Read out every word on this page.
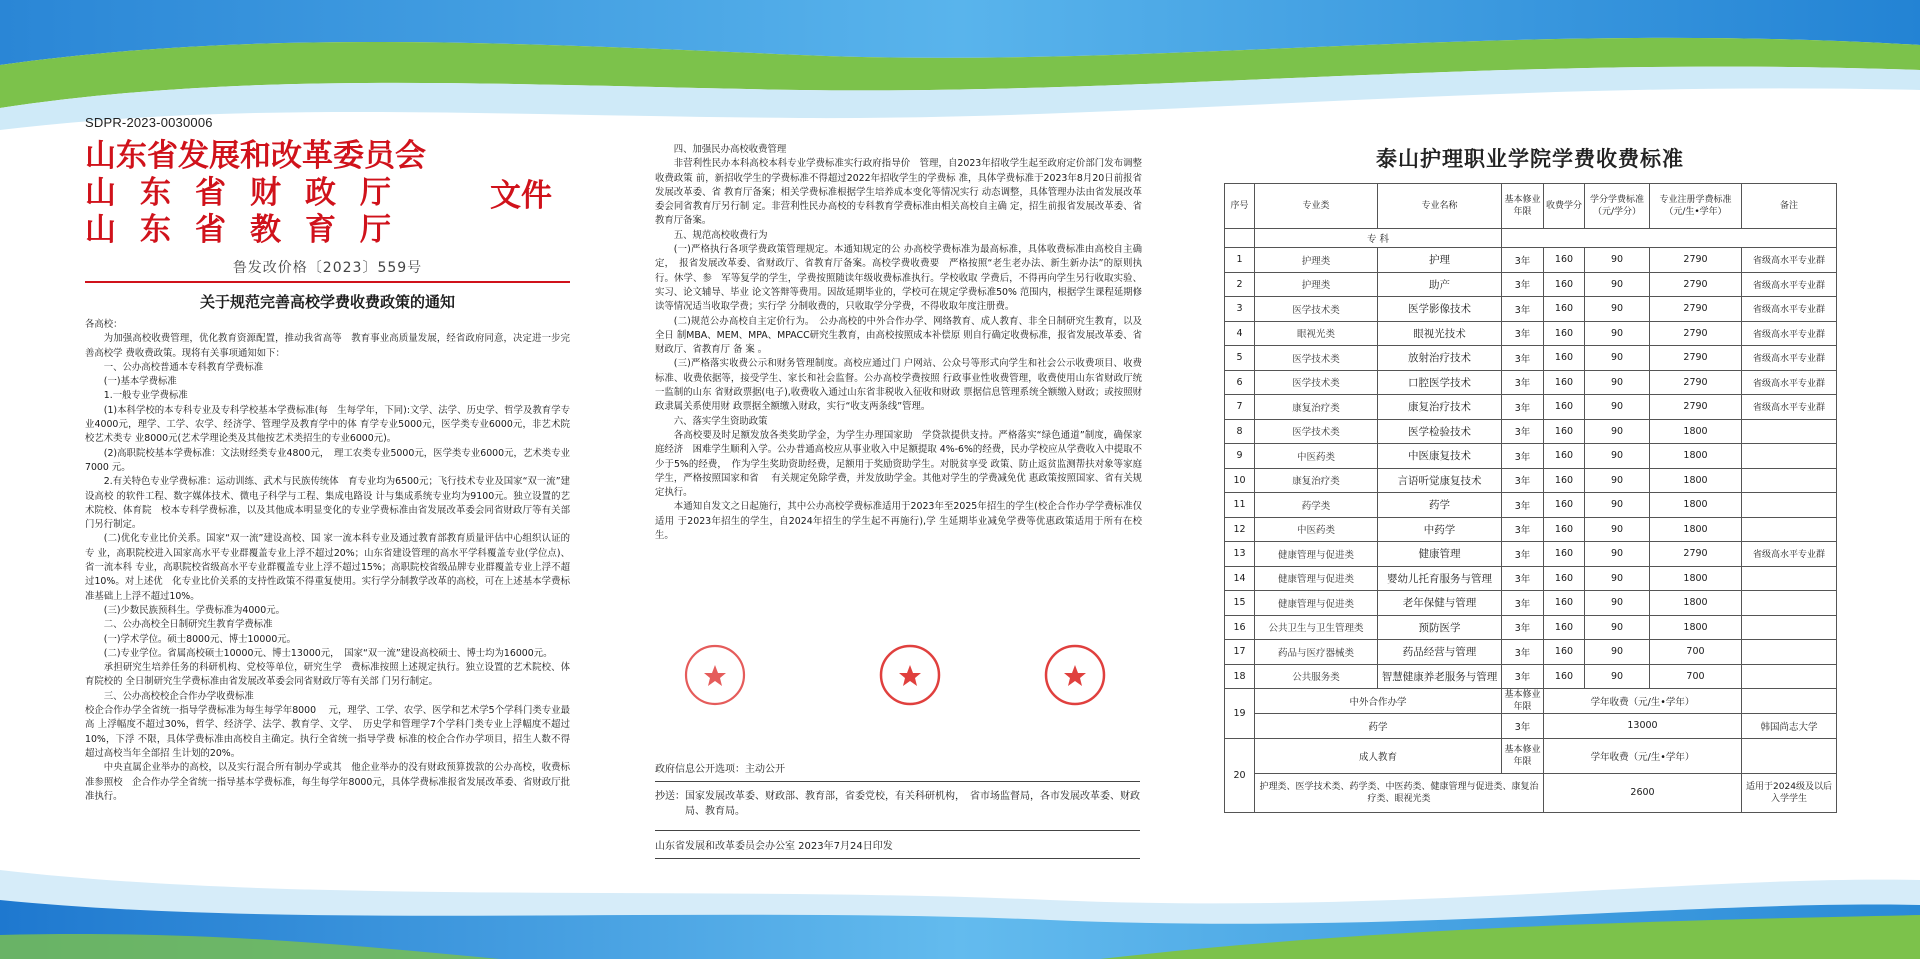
SDPR-2023-0030006
山东省发展和改革委员会
山东省财政厅
山东省教育厅
文件
鲁发改价格〔2023〕559号
关于规范完善高校学费收费政策的通知

各高校：

为加强高校收费管理，优化教育资源配置，推动我省高等　教育事业高质量发展，经省政府同意，决定进一步完善高校学 费收费政策。现将有关事项通知如下：

一、公办高校普通本专科教育学费标准

(一)基本学费标准

1.一般专业学费标准

(1)本科学校的本专科专业及专科学校基本学费标准(每　生每学年，下同):文学、法学、历史学、哲学及教育学专业4000元，理学、工学、农学、经济学、管理学及教育学中的体 育学专业5000元，医学类专业6000元，非艺术院校艺术类专 业8000元(艺术学理论类及其他按艺术类招生的专业6000元)。

(2)高职院校基本学费标准：文法财经类专业4800元，　理工农类专业5000元，医学类专业6000元，艺术类专业7000 元。

2.有关特色专业学费标准：运动训练、武术与民族传统体　育专业均为6500元；飞行技术专业及国家“双一流”建设高校 的软件工程、数字媒体技术、微电子科学与工程、集成电路设 计与集成系统专业均为9100元。独立设置的艺术院校、体育院　校本专科学费标准，以及其他成本明显变化的专业学费标准由省发展改革委会同省财政厅等有关部门另行制定。

(二)优化专业比价关系。国家“双一流”建设高校、国 家一流本科专业及通过教育部教育质量评估中心组织认证的专 业，高职院校进入国家高水平专业群覆盖专业上浮不超过20%；山东省建设管理的高水平学科覆盖专业(学位点)、省一流本科 专业，高职院校省级高水平专业群覆盖专业上浮不超过15%；高职院校省级品牌专业群覆盖专业上浮不超过10%。对上述优　化专业比价关系的支持性政策不得重复使用。实行学分制教学改革的高校，可在上述基本学费标准基础上上浮不超过10%。

(三)少数民族预科生。学费标准为4000元。

二、公办高校全日制研究生教育学费标准

(一)学术学位。硕士8000元、博士10000元。

(二)专业学位。省属高校硕士10000元、博士13000元，　国家“双一流”建设高校硕士、博士均为16000元。

承担研究生培养任务的科研机构、党校等单位，研究生学　费标准按照上述规定执行。独立设置的艺术院校、体育院校的 全日制研究生学费标准由省发展改革委会同省财政厅等有关部 门另行制定。

三、公办高校校企合作办学收费标准

校企合作办学全省统一指导学费标准为每生每学年8000　 元，理学、工学、农学、医学和艺术学5个学科门类专业最高 上浮幅度不超过30%，哲学、经济学、法学、教育学、文学、　历史学和管理学7个学科门类专业上浮幅度不超过10%，下浮 不限，具体学费标准由高校自主确定。执行全省统一指导学费 标准的校企合作办学项目，招生人数不得超过高校当年全部招 生计划的20%。

中央直属企业举办的高校，以及实行混合所有制办学或其　他企业举办的没有财政预算拨款的公办高校，收费标准参照校　企合作办学全省统一指导基本学费标准，每生每学年8000元，具体学费标准报省发展改革委、省财政厅批准执行。

四、加强民办高校收费管理

非营利性民办本科高校本科专业学费标准实行政府指导价　管理，自2023年招收学生起至政府定价部门发布调整收费政策 前，新招收学生的学费标准不得超过2022年招收学生的学费标 准，具体学费标准于2023年8月20日前报省发展改革委、省 教育厅备案；相关学费标准根据学生培养成本变化等情况实行 动态调整，具体管理办法由省发展改革委会同省教育厅另行制 定。非营利性民办高校的专科教育学费标准由相关高校自主确 定，招生前报省发展改革委、省教育厅备案。

五、规范高校收费行为

(一)严格执行各项学费政策管理规定。本通知规定的公 办高校学费标准为最高标准，具体收费标准由高校自主确定，　报省发展改革委、省财政厅、省教育厅备案。高校学费收费要　严格按照“老生老办法、新生新办法”的原则执行。休学、参　军等复学的学生，学费按照随读年级收费标准执行。学校收取 学费后，不得再向学生另行收取实验、实习、论文辅导、毕业 论文答辩等费用。因故延期毕业的，学校可在规定学费标准50% 范围内，根据学生课程延期修读等情况适当收取学费；实行学 分制收费的，只收取学分学费，不得收取年度注册费。

(二)规范公办高校自主定价行为。　公办高校的中外合作办学、网络教育、成人教育、非全日制研究生教育，以及全日 制MBA、MEM、MPA、MPACC研究生教育，由高校按照成本补偿原 则自行确定收费标准，报省发展改革委、省财政厅、省教育厅 备 案 。

(三)严格落实收费公示和财务管理制度。高校应通过门 户网站、公众号等形式向学生和社会公示收费项目、收费标准、收费依据等，接受学生、家长和社会监督。公办高校学费按照 行政事业性收费管理，收费使用山东省财政厅统一监制的山东 省财政票据(电子),收费收入通过山东省非税收入征收和财政 票据信息管理系统全额缴入财政；或按照财政隶属关系使用财 政票据全额缴入财政，实行“收支两条线”管理。

六、落实学生资助政策

各高校要及时足额发放各类奖助学金，为学生办理国家助　学贷款提供支持。严格落实“绿色通道”制度，确保家庭经济　困难学生顺利入学。公办普通高校应从事业收入中足额提取 4%-6%的经费，民办学校应从学费收入中提取不少于5%的经费，　作为学生奖助资助经费，足额用于奖励资助学生。对脱贫享受 政策、防止返贫监测帮扶对象等家庭学生，严格按照国家和省　 有关规定免除学费，并发放助学金。其他对学生的学费减免优 惠政策按照国家、省有关规定执行。

本通知自发文之日起施行，其中公办高校学费标准适用于2023年至2025年招生的学生(校企合作办学学费标准仅适用 于2023年招生的学生，自2024年招生的学生起不再施行),学 生延期毕业减免学费等优惠政策适用于所有在校生。

政府信息公开选项：主动公开
抄送： 国家发展改革委、财政部、教育部，省委党校，有关科研机构，　省市场监督局，各市发展改革委、财政局、教育局。
山东省发展和改革委员会办公室 2023年7月24日印发
泰山护理职业学院学费收费标准
序号	专业类	专业名称	基本修业年限	收费学分	学分学费标准（元/学分）	专业注册学费标准（元/生•学年）	备注
	专 科						
1	护理类	护理	3年	160	90	2790	省级高水平专业群
2	护理类	助产	3年	160	90	2790	省级高水平专业群
3	医学技术类	医学影像技术	3年	160	90	2790	省级高水平专业群
4	眼视光类	眼视光技术	3年	160	90	2790	省级高水平专业群
5	医学技术类	放射治疗技术	3年	160	90	2790	省级高水平专业群
6	医学技术类	口腔医学技术	3年	160	90	2790	省级高水平专业群
7	康复治疗类	康复治疗技术	3年	160	90	2790	省级高水平专业群
8	医学技术类	医学检验技术	3年	160	90	1800	
9	中医药类	中医康复技术	3年	160	90	1800	
10	康复治疗类	言语听觉康复技术	3年	160	90	1800	
11	药学类	药学	3年	160	90	1800	
12	中医药类	中药学	3年	160	90	1800	
13	健康管理与促进类	健康管理	3年	160	90	2790	省级高水平专业群
14	健康管理与促进类	婴幼儿托育服务与管理	3年	160	90	1800	
15	健康管理与促进类	老年保健与管理	3年	160	90	1800	
16	公共卫生与卫生管理类	预防医学	3年	160	90	1800	
17	药品与医疗器械类	药品经营与管理	3年	160	90	700	
18	公共服务类	智慧健康养老服务与管理	3年	160	90	700	
19	中外合作办学		基本修业年限	学年收费（元/生•学年）			
	药学		3年	13000			韩国尚志大学
20	成人教育		基本修业年限	学年收费（元/生•学年）			
	护理类、医学技术类、药学类、中医药类、健康管理与促进类、康复治疗类、眼视光类			2600			适用于2024级及以后入学学生
